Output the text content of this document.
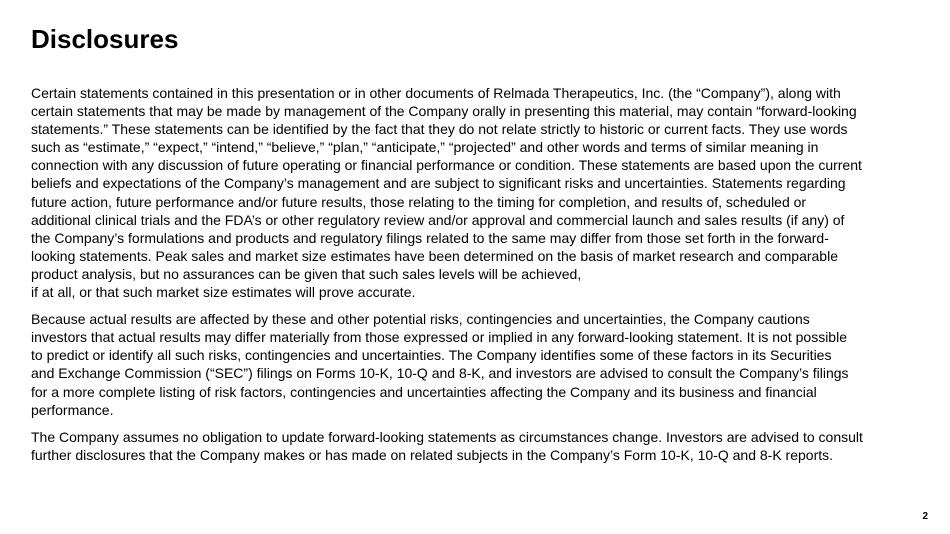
Disclosures

Certain statements contained in this presentation or in other documents of Relmada Therapeutics, Inc. (the “Company”), along with
certain statements that may be made by management of the Company orally in presenting this material, may contain “forward-looking
statements.” These statements can be identified by the fact that they do not relate strictly to historic or current facts. They use words
such as “estimate,” “expect,” “intend,” “believe,” “plan,” “anticipate,” “projected” and other words and terms of similar meaning in
connection with any discussion of future operating or financial performance or condition. These statements are based upon the current
beliefs and expectations of the Company’s management and are subject to significant risks and uncertainties. Statements regarding
future action, future performance and/or future results, those relating to the timing for completion, and results of, scheduled or
additional clinical trials and the FDA’s or other regulatory review and/or approval and commercial launch and sales results (if any) of
the Company’s formulations and products and regulatory filings related to the same may differ from those set forth in the forward-
looking statements. Peak sales and market size estimates have been determined on the basis of market research and comparable
product analysis, but no assurances can be given that such sales levels will be achieved,
if at all, or that such market size estimates will prove accurate.

Because actual results are affected by these and other potential risks, contingencies and uncertainties, the Company cautions
investors that actual results may differ materially from those expressed or implied in any forward-looking statement. It is not possible
to predict or identify all such risks, contingencies and uncertainties. The Company identifies some of these factors in its Securities
and Exchange Commission (“SEC”) filings on Forms 10-K, 10-Q and 8-K, and investors are advised to consult the Company’s filings
for a more complete listing of risk factors, contingencies and uncertainties affecting the Company and its business and financial
performance.

The Company assumes no obligation to update forward-looking statements as circumstances change. Investors are advised to consult
further disclosures that the Company makes or has made on related subjects in the Company’s Form 10-K, 10-Q and 8-K reports.

2
